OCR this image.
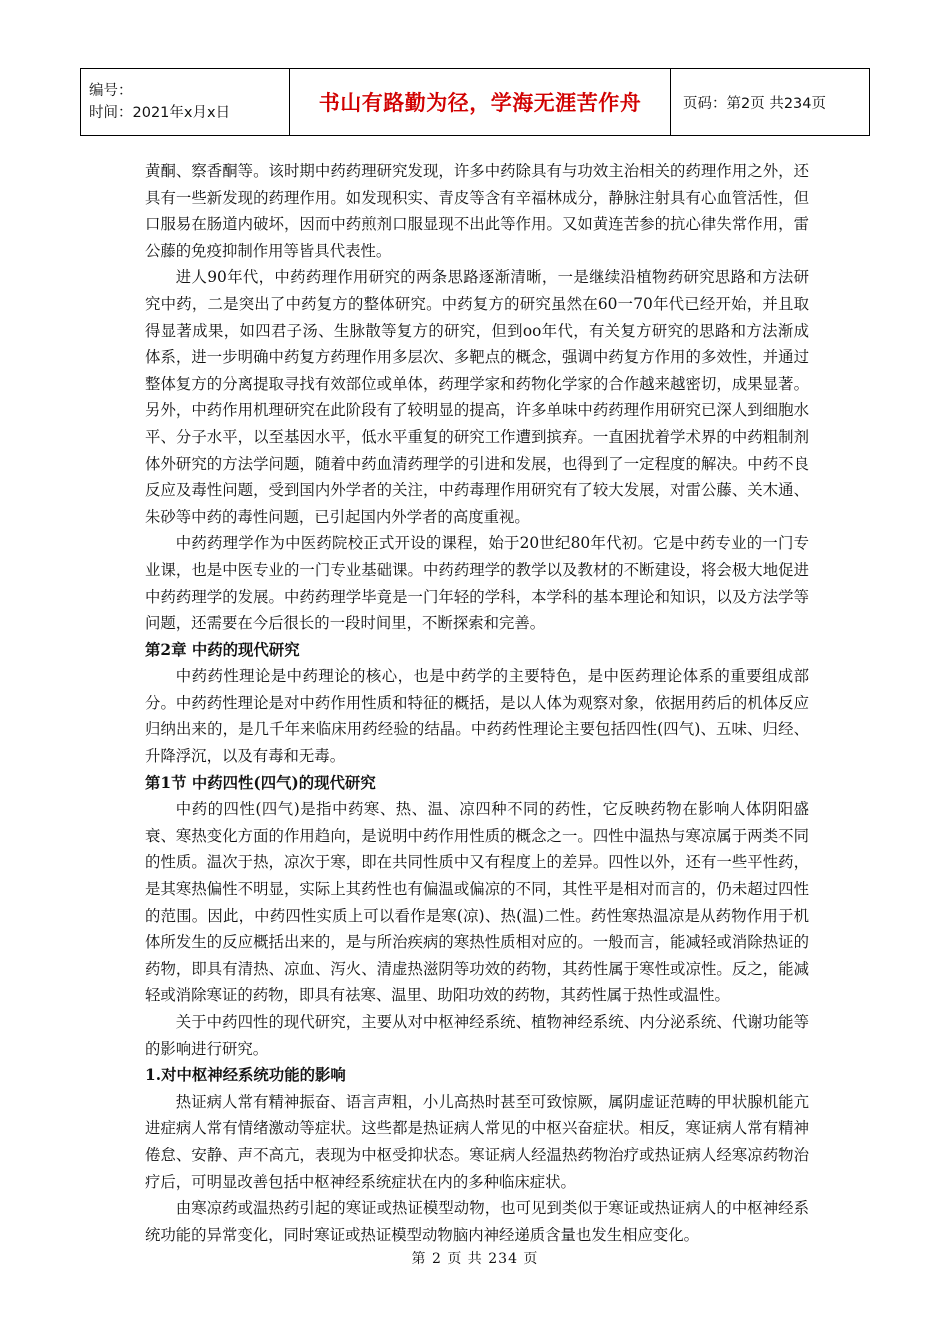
编号：
时间：2021年x月x日	书山有路勤为径，学海无涯苦作舟	页码：第2页 共234页

黄酮、察香酮等。该时期中药药理研究发现，许多中药除具有与功效主治相关的药理作用之外，还具有一些新发现的药理作用。如发现积实、青皮等含有辛福林成分，静脉注射具有心血管活性，但口服易在肠道内破坏，因而中药煎剂口服显现不出此等作用。又如黄连苦参的抗心律失常作用，雷公藤的免疫抑制作用等皆具代表性。

进人90年代，中药药理作用研究的两条思路逐渐清晰，一是继续沿植物药研究思路和方法研究中药，二是突出了中药复方的整体研究。中药复方的研究虽然在60一70年代已经开始，并且取得显著成果，如四君子汤、生脉散等复方的研究，但到oo年代，有关复方研究的思路和方法渐成体系，进一步明确中药复方药理作用多层次、多靶点的概念，强调中药复方作用的多效性，并通过整体复方的分离提取寻找有效部位或单体，药理学家和药物化学家的合作越来越密切，成果显著。另外，中药作用机理研究在此阶段有了较明显的提高，许多单味中药药理作用研究已深人到细胞水平、分子水平，以至基因水平，低水平重复的研究工作遭到摈弃。一直困扰着学术界的中药粗制剂体外研究的方法学问题，随着中药血清药理学的引进和发展，也得到了一定程度的解决。中药不良反应及毒性问题，受到国内外学者的关注，中药毒理作用研究有了较大发展，对雷公藤、关木通、朱砂等中药的毒性问题，已引起国内外学者的高度重视。

中药药理学作为中医药院校正式开设的课程，始于20世纪80年代初。它是中药专业的一门专业课，也是中医专业的一门专业基础课。中药药理学的教学以及教材的不断建设，将会极大地促进中药药理学的发展。中药药理学毕竟是一门年轻的学科，本学科的基本理论和知识，以及方法学等问题，还需要在今后很长的一段时间里，不断探索和完善。

第2章 中药的现代研究

中药药性理论是中药理论的核心，也是中药学的主要特色，是中医药理论体系的重要组成部分。中药药性理论是对中药作用性质和特征的概括，是以人体为观察对象，依据用药后的机体反应归纳出来的，是几千年来临床用药经验的结晶。中药药性理论主要包括四性(四气)、五味、归经、升降浮沉，以及有毒和无毒。

第1节 中药四性(四气)的现代研究

中药的四性(四气)是指中药寒、热、温、凉四种不同的药性，它反映药物在影响人体阴阳盛衰、寒热变化方面的作用趋向，是说明中药作用性质的概念之一。四性中温热与寒凉属于两类不同的性质。温次于热，凉次于寒，即在共同性质中又有程度上的差异。四性以外，还有一些平性药，是其寒热偏性不明显，实际上其药性也有偏温或偏凉的不同，其性平是相对而言的，仍未超过四性的范围。因此，中药四性实质上可以看作是寒(凉)、热(温)二性。药性寒热温凉是从药物作用于机体所发生的反应概括出来的，是与所治疾病的寒热性质相对应的。一般而言，能减轻或消除热证的药物，即具有清热、凉血、泻火、清虚热滋阴等功效的药物，其药性属于寒性或凉性。反之，能减轻或消除寒证的药物，即具有祛寒、温里、助阳功效的药物，其药性属于热性或温性。

关于中药四性的现代研究，主要从对中枢神经系统、植物神经系统、内分泌系统、代谢功能等的影响进行研究。

1.对中枢神经系统功能的影响

热证病人常有精神振奋、语言声粗，小儿高热时甚至可致惊厥，属阴虚证范畴的甲状腺机能亢进症病人常有情绪激动等症状。这些都是热证病人常见的中枢兴奋症状。相反，寒证病人常有精神倦怠、安静、声不高亢，表现为中枢受抑状态。寒证病人经温热药物治疗或热证病人经寒凉药物治疗后，可明显改善包括中枢神经系统症状在内的多种临床症状。

由寒凉药或温热药引起的寒证或热证模型动物，也可见到类似于寒证或热证病人的中枢神经系统功能的异常变化，同时寒证或热证模型动物脑内神经递质含量也发生相应变化。

第 2 页 共 234 页
